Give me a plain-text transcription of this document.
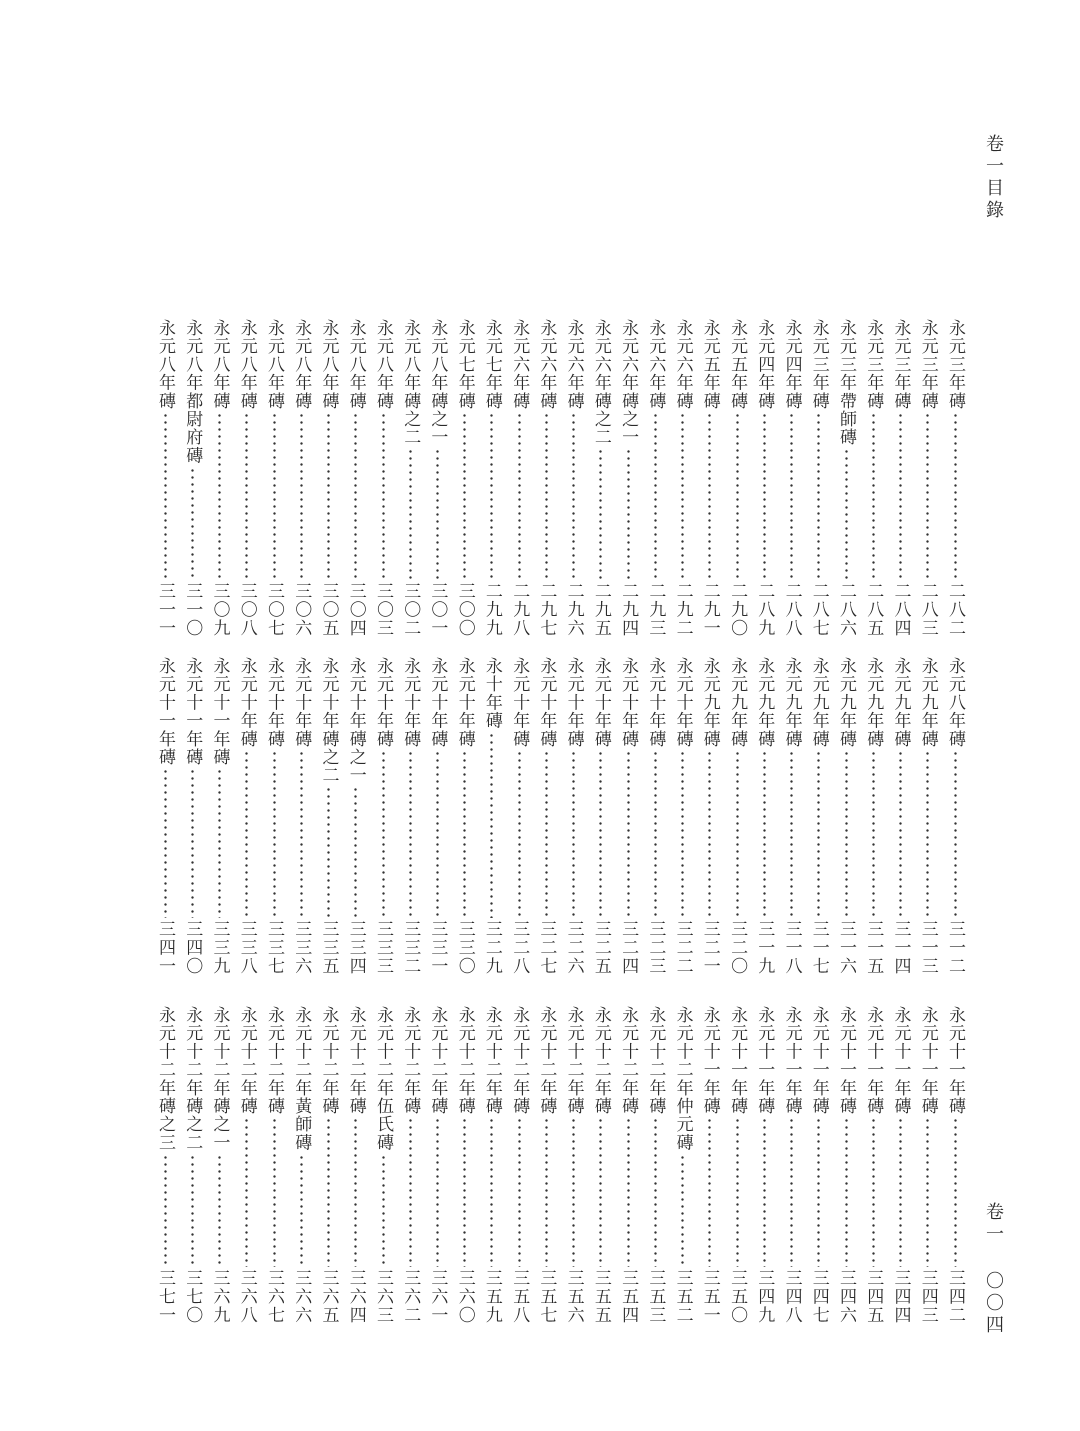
卷一目錄
卷一 〇〇四
永元三年磚
二八二
永元三年磚
二八三
永元三年磚
二八四
永元三年磚
二八五
永元三年帶師磚
二八六
永元三年磚
二八七
永元四年磚
二八八
永元四年磚
二八九
永元五年磚
二九〇
永元五年磚
二九一
永元六年磚
二九二
永元六年磚
二九三
永元六年磚之一
二九四
永元六年磚之二
二九五
永元六年磚
二九六
永元六年磚
二九七
永元六年磚
二九八
永元七年磚
二九九
永元七年磚
三〇〇
永元八年磚之一
三〇一
永元八年磚之二
三〇二
永元八年磚
三〇三
永元八年磚
三〇四
永元八年磚
三〇五
永元八年磚
三〇六
永元八年磚
三〇七
永元八年磚
三〇八
永元八年磚
三〇九
永元八年都尉府磚
三一〇
永元八年磚
三一一
永元八年磚
三一二
永元九年磚
三一三
永元九年磚
三一四
永元九年磚
三一五
永元九年磚
三一六
永元九年磚
三一七
永元九年磚
三一八
永元九年磚
三一九
永元九年磚
三二〇
永元九年磚
三二一
永元十年磚
三二二
永元十年磚
三二三
永元十年磚
三二四
永元十年磚
三二五
永元十年磚
三二六
永元十年磚
三二七
永元十年磚
三二八
永十年磚
三二九
永元十年磚
三三〇
永元十年磚
三三一
永元十年磚
三三二
永元十年磚
三三三
永元十年磚之一
三三四
永元十年磚之二
三三五
永元十年磚
三三六
永元十年磚
三三七
永元十年磚
三三八
永元十一年磚
三三九
永元十一年磚
三四〇
永元十一年磚
三四一
永元十一年磚
三四二
永元十一年磚
三四三
永元十一年磚
三四四
永元十一年磚
三四五
永元十一年磚
三四六
永元十一年磚
三四七
永元十一年磚
三四八
永元十一年磚
三四九
永元十一年磚
三五〇
永元十一年磚
三五一
永元十二年仲元磚
三五二
永元十二年磚
三五三
永元十二年磚
三五四
永元十二年磚
三五五
永元十二年磚
三五六
永元十二年磚
三五七
永元十二年磚
三五八
永元十二年磚
三五九
永元十二年磚
三六〇
永元十二年磚
三六一
永元十二年磚
三六二
永元十二年伍氏磚
三六三
永元十二年磚
三六四
永元十二年磚
三六五
永元十二年黃師磚
三六六
永元十二年磚
三六七
永元十二年磚
三六八
永元十二年磚之一
三六九
永元十二年磚之二
三七〇
永元十二年磚之三
三七一
